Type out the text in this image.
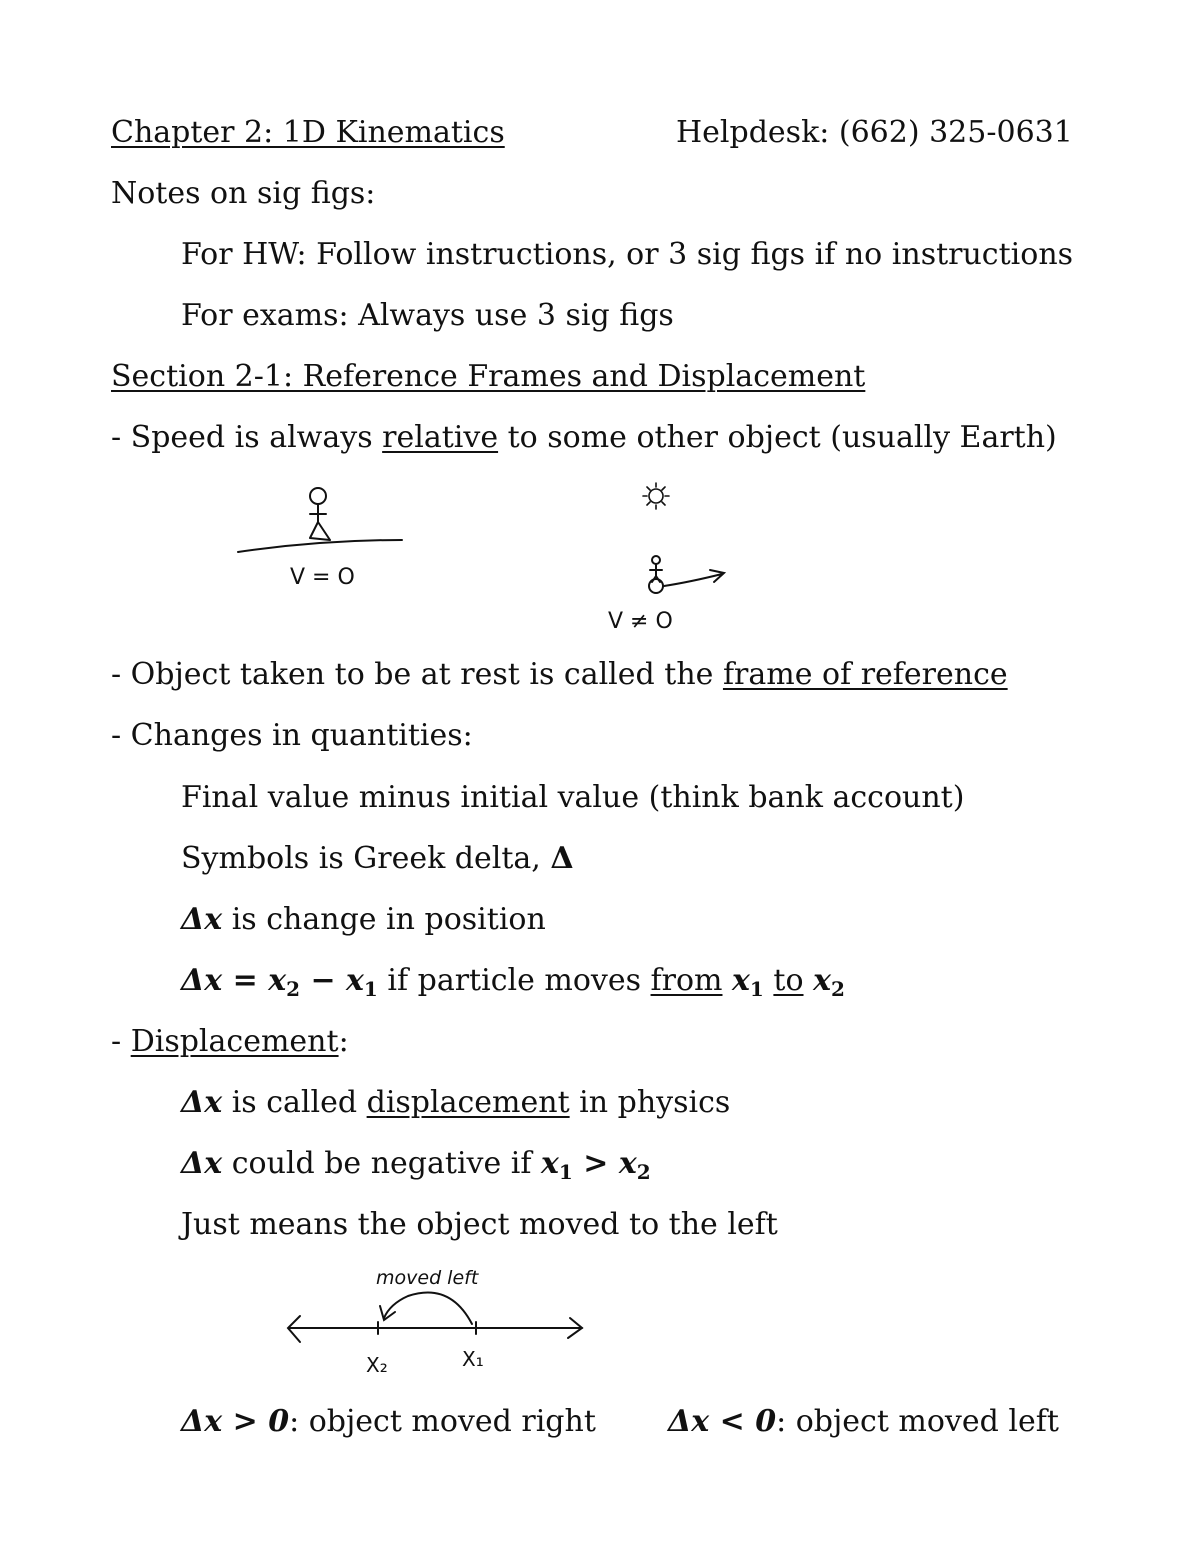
Chapter 2: 1D Kinematics	Helpdesk: (662) 325-0631
Notes on sig figs:
For HW: Follow instructions, or 3 sig figs if no instructions
For exams: Always use 3 sig figs
Section 2-1: Reference Frames and Displacement
- Speed is always relative to some other object (usually Earth)
V = O
V ≠ O
- Object taken to be at rest is called the frame of reference
- Changes in quantities:
Final value minus initial value (think bank account)
Symbols is Greek delta, Δ
Δx is change in position
$\Delta x = x_2 - x_1$ if particle moves from $x_1$ to $x_2$
- Displacement:
Δx is called displacement in physics
Δx could be negative if $x_1 > x_2$
Just means the object moved to the left
moved left
X₂	X₁
Δx > 0: object moved right Δx < 0: object moved left
